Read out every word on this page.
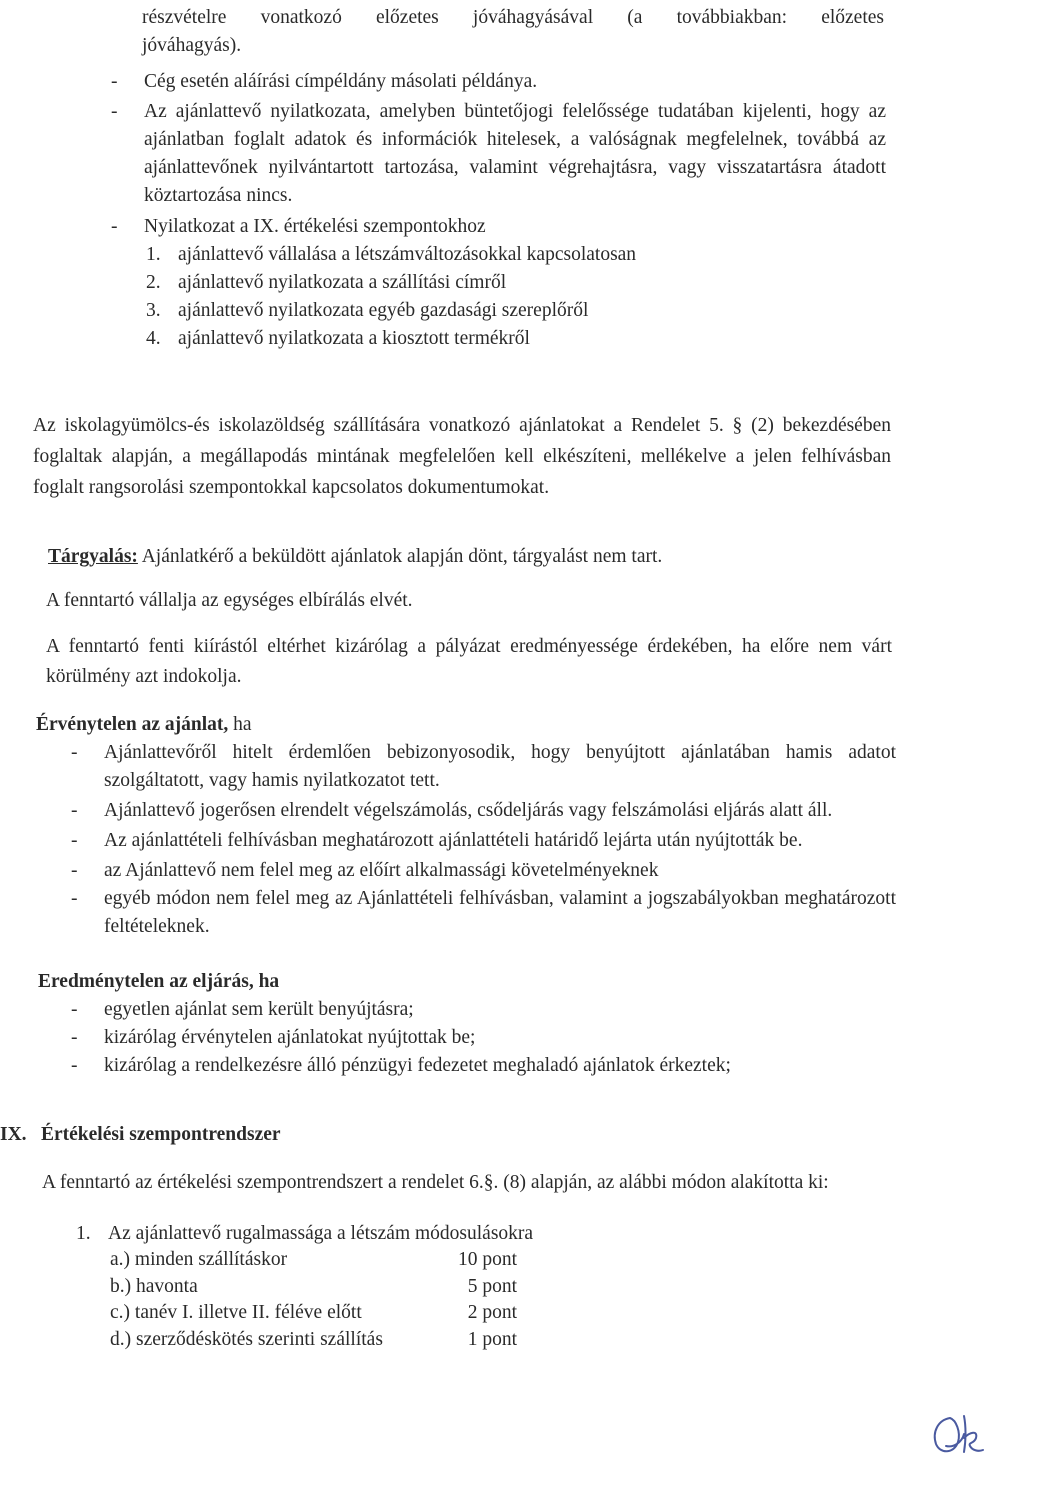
részvételre vonatkozó előzetes jóváhagyásával (a továbbiakban: előzetes
jóváhagyás).
- Cég esetén aláírási címpéldány másolati példánya.
- Az ajánlattevő nyilatkozata, amelyben büntetőjogi felelőssége tudatában kijelenti, hogy az ajánlatban foglalt adatok és információk hitelesek, a valóságnak megfelelnek, továbbá az ajánlattevőnek nyilvántartott tartozása, valamint végrehajtásra, vagy visszatartásra átadott köztartozása nincs.
- Nyilatkozat a IX. értékelési szempontokhoz
1. ajánlattevő vállalása a létszámváltozásokkal kapcsolatosan
2. ajánlattevő nyilatkozata a szállítási címről
3. ajánlattevő nyilatkozata egyéb gazdasági szereplőről
4. ajánlattevő nyilatkozata a kiosztott termékről
Az iskolagyümölcs-és iskolazöldség szállítására vonatkozó ajánlatokat a Rendelet 5. § (2) bekezdésében foglaltak alapján, a megállapodás mintának megfelelően kell elkészíteni, mellékelve a jelen felhívásban foglalt rangsorolási szempontokkal kapcsolatos dokumentumokat.
Tárgyalás: Ajánlatkérő a beküldött ajánlatok alapján dönt, tárgyalást nem tart.
A fenntartó vállalja az egységes elbírálás elvét.
A fenntartó fenti kiírástól eltérhet kizárólag a pályázat eredményessége érdekében, ha előre nem várt körülmény azt indokolja.
Érvénytelen az ajánlat, ha
- Ajánlattevőről hitelt érdemlően bebizonyosodik, hogy benyújtott ajánlatában hamis adatot szolgáltatott, vagy hamis nyilatkozatot tett.
- Ajánlattevő jogerősen elrendelt végelszámolás, csődeljárás vagy felszámolási eljárás alatt áll.
- Az ajánlattételi felhívásban meghatározott ajánlattételi határidő lejárta után nyújtották be.
- az Ajánlattevő nem felel meg az előírt alkalmassági követelményeknek
- egyéb módon nem felel meg az Ajánlattételi felhívásban, valamint a jogszabályokban meghatározott feltételeknek.
Eredménytelen az eljárás, ha
- egyetlen ajánlat sem került benyújtásra;
- kizárólag érvénytelen ajánlatokat nyújtottak be;
- kizárólag a rendelkezésre álló pénzügyi fedezetet meghaladó ajánlatok érkeztek;
IX. Értékelési szempontrendszer
A fenntartó az értékelési szempontrendszert a rendelet 6.§. (8) alapján, az alábbi módon alakította ki:
1. Az ajánlattevő rugalmassága a létszám módosulásokra
a.) minden szállításkor	10 pont
b.) havonta	5 pont
c.) tanév I. illetve II. féléve előtt	2 pont
d.) szerződéskötés szerinti szállítás	1 pont
